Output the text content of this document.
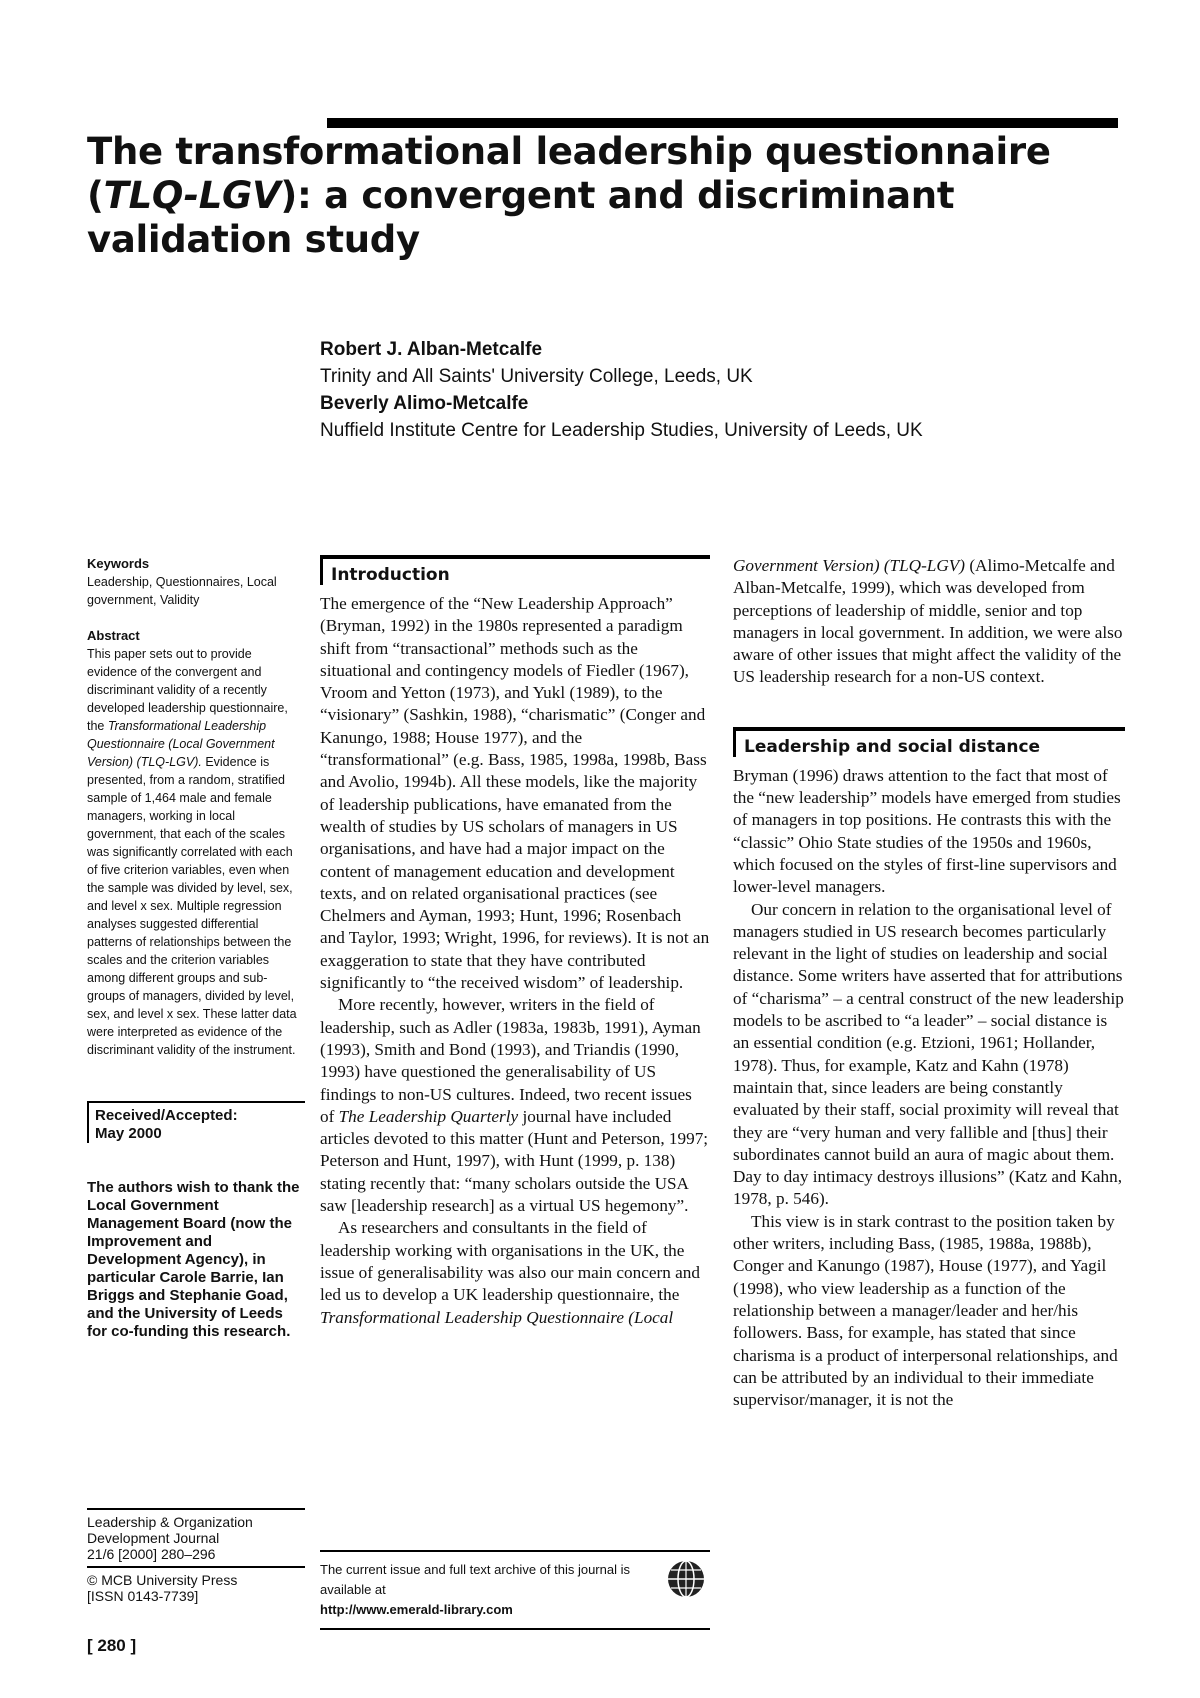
The transformational leadership questionnaire
(TLQ-LGV): a convergent and discriminant
validation study
Robert J. Alban-Metcalfe
Trinity and All Saints' University College, Leeds, UK
Beverly Alimo-Metcalfe
Nuffield Institute Centre for Leadership Studies, University of Leeds, UK
Keywords

Leadership, Questionnaires, Local government, Validity

Abstract

This paper sets out to provide evidence of the convergent and discriminant validity of a recently developed leadership questionnaire, the Transformational Leadership Questionnaire (Local Government Version) (TLQ-LGV). Evidence is presented, from a random, stratified sample of 1,464 male and female managers, working in local government, that each of the scales was significantly correlated with each of five criterion variables, even when the sample was divided by level, sex, and level x sex. Multiple regression analyses suggested differential patterns of relationships between the scales and the criterion variables among different groups and sub-groups of managers, divided by level, sex, and level x sex. These latter data were interpreted as evidence of the discriminant validity of the instrument.

Received/Accepted:
May 2000

The authors wish to thank the Local Government Management Board (now the Improvement and Development Agency), in particular Carole Barrie, Ian Briggs and Stephanie Goad, and the University of Leeds for co-funding this research.

Leadership & Organization
Development Journal
21/6 [2000] 280–296
© MCB University Press
[ISSN 0143-7739]
[ 280 ]
Introduction

The emergence of the “New Leadership Approach” (Bryman, 1992) in the 1980s represented a paradigm shift from “transactional” methods such as the situational and contingency models of Fiedler (1967), Vroom and Yetton (1973), and Yukl (1989), to the “visionary” (Sashkin, 1988), “charismatic” (Conger and Kanungo, 1988; House 1977), and the “transformational” (e.g. Bass, 1985, 1998a, 1998b, Bass and Avolio, 1994b). All these models, like the majority of leadership publications, have emanated from the wealth of studies by US scholars of managers in US organisations, and have had a major impact on the content of management education and development texts, and on related organisational practices (see Chelmers and Ayman, 1993; Hunt, 1996; Rosenbach and Taylor, 1993; Wright, 1996, for reviews). It is not an exaggeration to state that they have contributed significantly to “the received wisdom” of leadership.

More recently, however, writers in the field of leadership, such as Adler (1983a, 1983b, 1991), Ayman (1993), Smith and Bond (1993), and Triandis (1990, 1993) have questioned the generalisability of US findings to non-US cultures. Indeed, two recent issues of The Leadership Quarterly journal have included articles devoted to this matter (Hunt and Peterson, 1997; Peterson and Hunt, 1997), with Hunt (1999, p. 138) stating recently that: “many scholars outside the USA saw [leadership research] as a virtual US hegemony”.

As researchers and consultants in the field of leadership working with organisations in the UK, the issue of generalisability was also our main concern and led us to develop a UK leadership questionnaire, the Transformational Leadership Questionnaire (Local

The current issue and full text archive of this journal is available at
http://www.emerald-library.com

Government Version) (TLQ-LGV) (Alimo-Metcalfe and Alban-Metcalfe, 1999), which was developed from perceptions of leadership of middle, senior and top managers in local government. In addition, we were also aware of other issues that might affect the validity of the US leadership research for a non-US context.

Leadership and social distance

Bryman (1996) draws attention to the fact that most of the “new leadership” models have emerged from studies of managers in top positions. He contrasts this with the “classic” Ohio State studies of the 1950s and 1960s, which focused on the styles of first-line supervisors and lower-level managers.

Our concern in relation to the organisational level of managers studied in US research becomes particularly relevant in the light of studies on leadership and social distance. Some writers have asserted that for attributions of “charisma” – a central construct of the new leadership models to be ascribed to “a leader” – social distance is an essential condition (e.g. Etzioni, 1961; Hollander, 1978). Thus, for example, Katz and Kahn (1978) maintain that, since leaders are being constantly evaluated by their staff, social proximity will reveal that they are “very human and very fallible and [thus] their subordinates cannot build an aura of magic about them. Day to day intimacy destroys illusions” (Katz and Kahn, 1978, p. 546).

This view is in stark contrast to the position taken by other writers, including Bass, (1985, 1988a, 1988b), Conger and Kanungo (1987), House (1977), and Yagil (1998), who view leadership as a function of the relationship between a manager/leader and her/his followers. Bass, for example, has stated that since charisma is a product of interpersonal relationships, and can be attributed by an individual to their immediate supervisor/manager, it is not the
